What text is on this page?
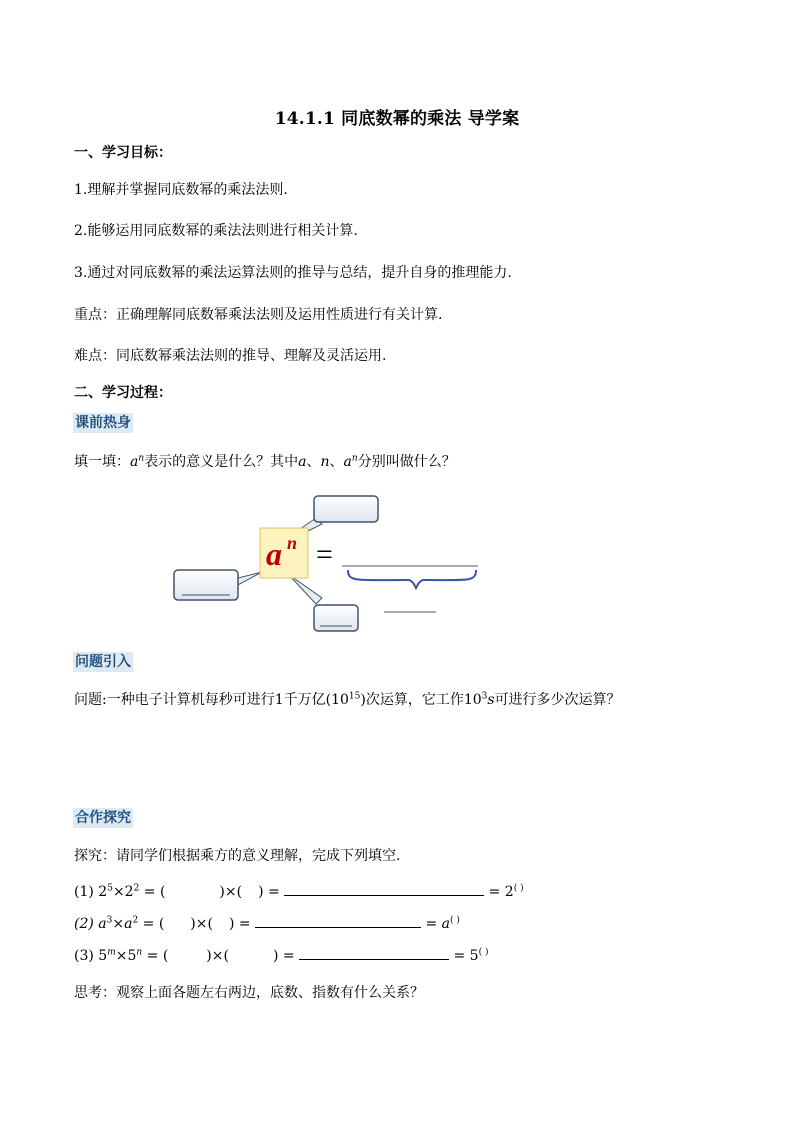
14.1.1 同底数幂的乘法 导学案
一、学习目标：
1.理解并掌握同底数幂的乘法法则.
2.能够运用同底数幂的乘法法则进行相关计算.
3.通过对同底数幂的乘法运算法则的推导与总结，提升自身的推理能力.
重点：正确理解同底数幂乘法法则及运用性质进行有关计算.
难点：同底数幂乘法法则的推导、理解及灵活运用.
二、学习过程：
课前热身
填一填：$a^n$表示的意义是什么？其中a、n、$a^n$分别叫做什么？
a n =
问题引入
问题:一种电子计算机每秒可进行1千万亿$(10^{15})$次运算，它工作$10^3s$可进行多少次运算？
合作探究
探究：请同学们根据乘方的意义理解，完成下列填空.
(1) $2^5\times 2^2$ = (	)×( ) =	= 2( )
(2) $a^3\times a^2$ = ( )×( ) =	= a( )
(3) $5^m\times 5^n$ = (	)×(	) =	= 5( )
思考：观察上面各题左右两边，底数、指数有什么关系？
